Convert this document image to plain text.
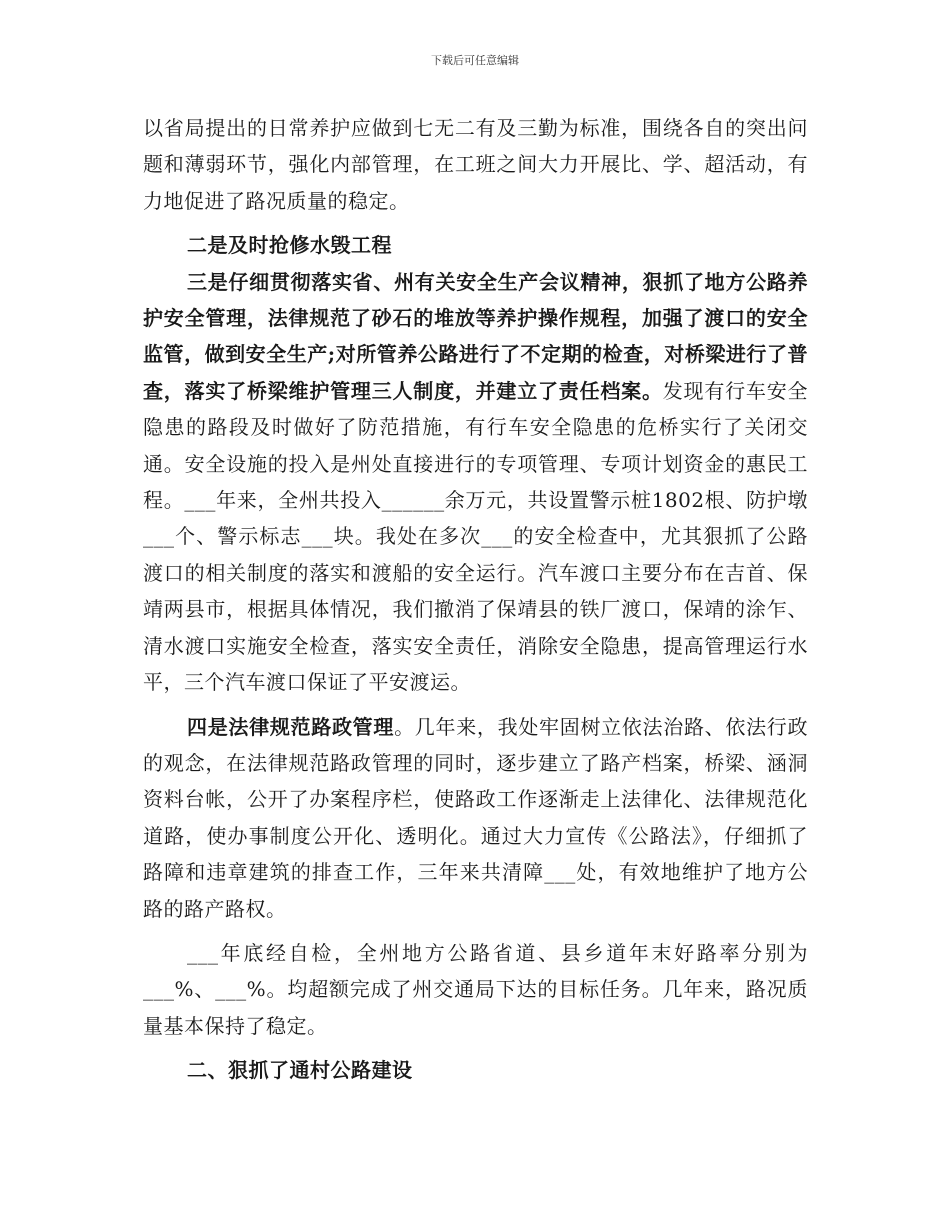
下载后可任意编辑

以省局提出的日常养护应做到七无二有及三勤为标准，围绕各自的突出问题和薄弱环节，强化内部管理，在工班之间大力开展比、学、超活动，有力地促进了路况质量的稳定。

二是及时抢修水毁工程

三是仔细贯彻落实省、州有关安全生产会议精神，狠抓了地方公路养护安全管理，法律规范了砂石的堆放等养护操作规程，加强了渡口的安全监管，做到安全生产;对所管养公路进行了不定期的检查，对桥梁进行了普查，落实了桥梁维护管理三人制度，并建立了责任档案。发现有行车安全隐患的路段及时做好了防范措施，有行车安全隐患的危桥实行了关闭交通。安全设施的投入是州处直接进行的专项管理、专项计划资金的惠民工程。___年来，全州共投入______余万元，共设置警示桩1802根、防护墩___个、警示标志___块。我处在多次___的安全检查中，尤其狠抓了公路渡口的相关制度的落实和渡船的安全运行。汽车渡口主要分布在吉首、保靖两县市，根据具体情况，我们撤消了保靖县的铁厂渡口，保靖的涂乍、清水渡口实施安全检查，落实安全责任，消除安全隐患，提高管理运行水平，三个汽车渡口保证了平安渡运。

四是法律规范路政管理。几年来，我处牢固树立依法治路、依法行政的观念，在法律规范路政管理的同时，逐步建立了路产档案，桥梁、涵洞资料台帐，公开了办案程序栏，使路政工作逐渐走上法律化、法律规范化道路，使办事制度公开化、透明化。通过大力宣传《公路法》，仔细抓了路障和违章建筑的排查工作，三年来共清障___处，有效地维护了地方公路的路产路权。

___年底经自检，全州地方公路省道、县乡道年末好路率分别为___%、___%。均超额完成了州交通局下达的目标任务。几年来，路况质量基本保持了稳定。

二、狠抓了通村公路建设
